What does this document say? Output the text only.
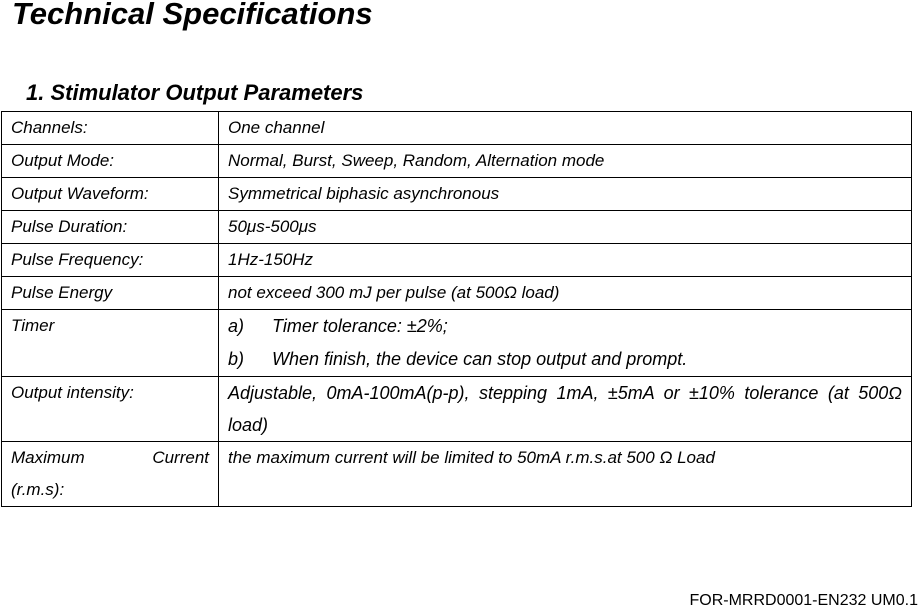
Technical Specifications
1. Stimulator Output Parameters
Channels:	One channel
Output Mode:	Normal, Burst, Sweep, Random, Alternation mode
Output Waveform:	Symmetrical biphasic asynchronous
Pulse Duration:	50μs-500μs
Pulse Frequency:	1Hz-150Hz
Pulse Energy	not exceed 300 mJ per pulse (at 500Ω load)
Timer	a) Timer tolerance: ±2%;
b) When finish, the device can stop output and prompt.

Output intensity:	Adjustable, 0mA-100mA(p-p), stepping 1mA, ±5mA or ±10% tolerance (at 500Ω load)

Maximum Current
(r.m.s):	the maximum current will be limited to 50mA r.m.s.at 500 Ω Load
FOR-MRRD0001-EN232 UM0.1
